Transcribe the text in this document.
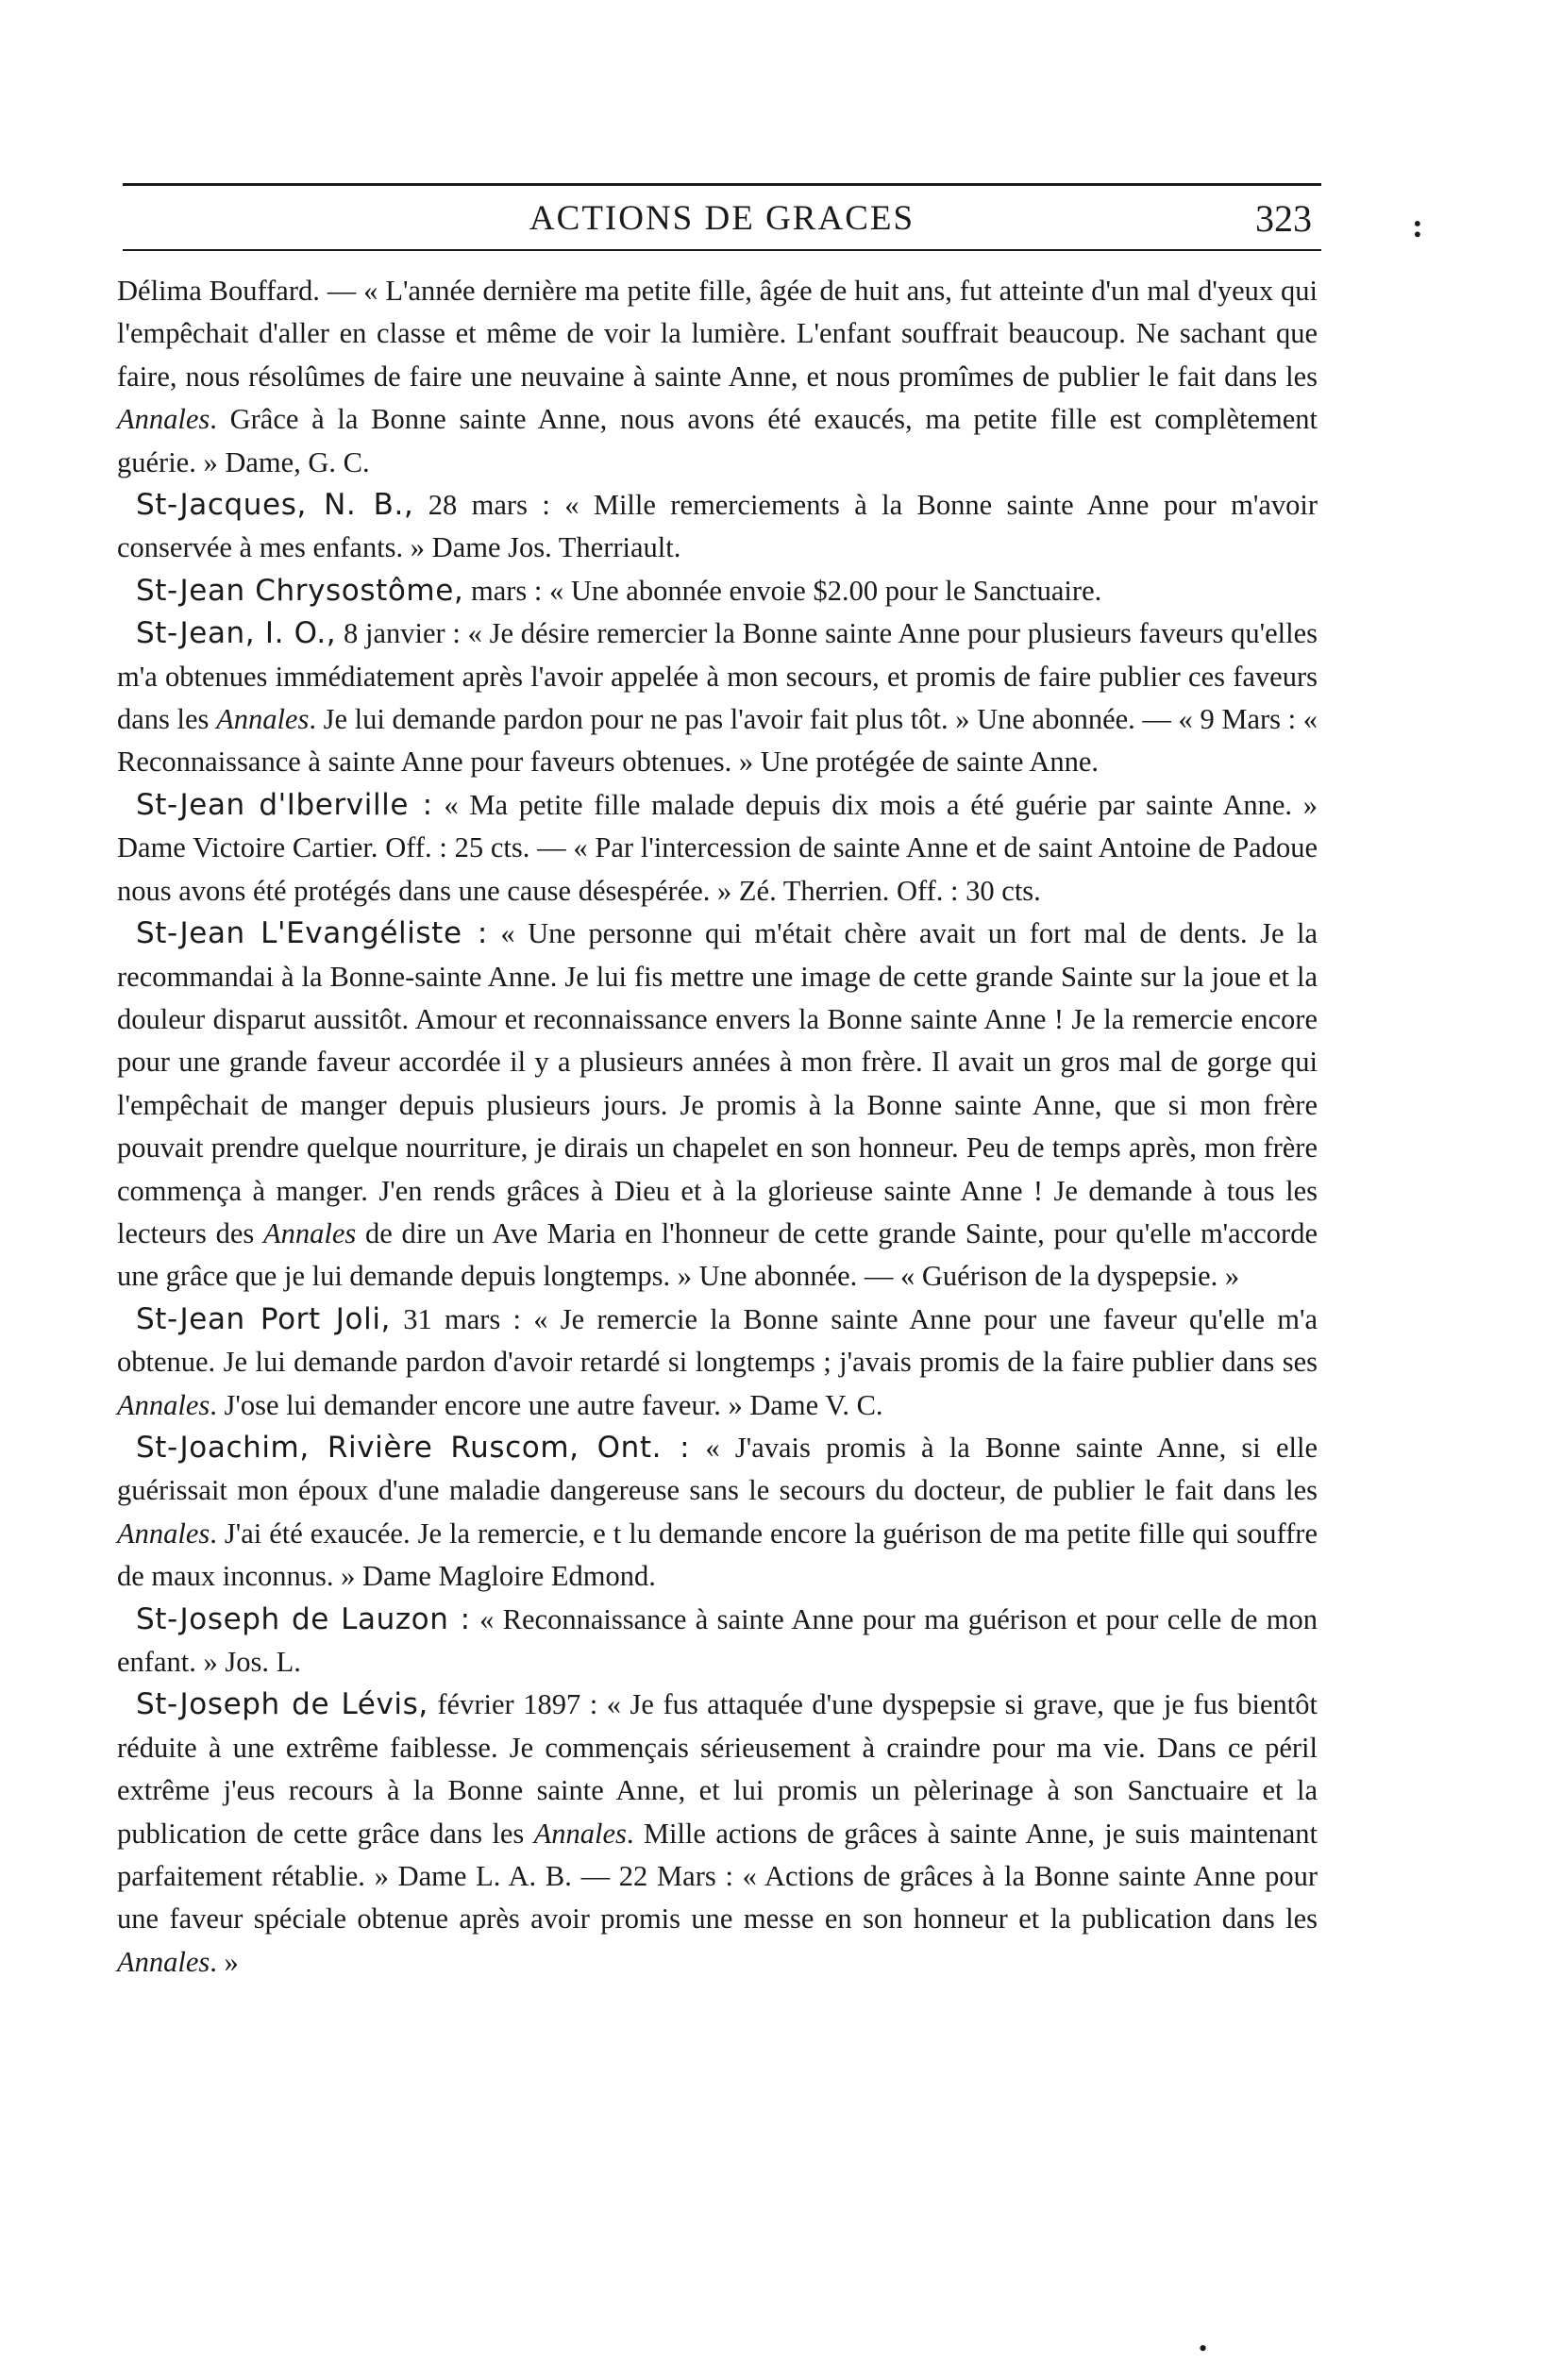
ACTIONS DE GRACES	323	:

Délima Bouffard. — « L'année dernière ma petite fille, âgée de huit ans, fut atteinte d'un mal d'yeux qui l'empêchait d'aller en classe et même de voir la lumière. L'enfant souffrait beaucoup. Ne sachant que faire, nous résolûmes de faire une neuvaine à sainte Anne, et nous promîmes de publier le fait dans les Annales. Grâce à la Bonne sainte Anne, nous avons été exaucés, ma petite fille est complètement guérie. » Dame, G. C.

St-Jacques, N. B., 28 mars : « Mille remerciements à la Bonne sainte Anne pour m'avoir conservée à mes enfants. » Dame Jos. Therriault.

St-Jean Chrysostôme, mars : « Une abonnée envoie $2.00 pour le Sanctuaire.

St-Jean, I. O., 8 janvier : « Je désire remercier la Bonne sainte Anne pour plusieurs faveurs qu'elles m'a obtenues immédiatement après l'avoir appelée à mon secours, et promis de faire publier ces faveurs dans les Annales. Je lui demande pardon pour ne pas l'avoir fait plus tôt. » Une abonnée. — « 9 Mars : « Reconnaissance à sainte Anne pour faveurs obtenues. » Une protégée de sainte Anne.

St-Jean d'Iberville : « Ma petite fille malade depuis dix mois a été guérie par sainte Anne. » Dame Victoire Cartier. Off. : 25 cts. — « Par l'intercession de sainte Anne et de saint Antoine de Padoue nous avons été protégés dans une cause désespérée. » Zé. Therrien. Off. : 30 cts.

St-Jean L'Evangéliste : « Une personne qui m'était chère avait un fort mal de dents. Je la recommandai à la Bonne-sainte Anne. Je lui fis mettre une image de cette grande Sainte sur la joue et la douleur disparut aussitôt. Amour et reconnaissance envers la Bonne sainte Anne ! Je la remercie encore pour une grande faveur accordée il y a plusieurs années à mon frère. Il avait un gros mal de gorge qui l'empêchait de manger depuis plusieurs jours. Je promis à la Bonne sainte Anne, que si mon frère pouvait prendre quelque nourriture, je dirais un chapelet en son honneur. Peu de temps après, mon frère commença à manger. J'en rends grâces à Dieu et à la glorieuse sainte Anne ! Je demande à tous les lecteurs des Annales de dire un Ave Maria en l'honneur de cette grande Sainte, pour qu'elle m'accorde une grâce que je lui demande depuis longtemps. » Une abonnée. — « Guérison de la dyspepsie. »

St-Jean Port Joli, 31 mars : « Je remercie la Bonne sainte Anne pour une faveur qu'elle m'a obtenue. Je lui demande pardon d'avoir retardé si longtemps ; j'avais promis de la faire publier dans ses Annales. J'ose lui demander encore une autre faveur. » Dame V. C.

St-Joachim, Rivière Ruscom, Ont. : « J'avais promis à la Bonne sainte Anne, si elle guérissait mon époux d'une maladie dangereuse sans le secours du docteur, de publier le fait dans les Annales. J'ai été exaucée. Je la remercie, e t lu demande encore la guérison de ma petite fille qui souffre de maux inconnus. » Dame Magloire Edmond.

St-Joseph de Lauzon : « Reconnaissance à sainte Anne pour ma guérison et pour celle de mon enfant. » Jos. L.

St-Joseph de Lévis, février 1897 : « Je fus attaquée d'une dyspepsie si grave, que je fus bientôt réduite à une extrême faiblesse. Je commençais sérieusement à craindre pour ma vie. Dans ce péril extrême j'eus recours à la Bonne sainte Anne, et lui promis un pèlerinage à son Sanctuaire et la publication de cette grâce dans les Annales. Mille actions de grâces à sainte Anne, je suis maintenant parfaitement rétablie. » Dame L. A. B. — 22 Mars : « Actions de grâces à la Bonne sainte Anne pour une faveur spéciale obtenue après avoir promis une messe en son honneur et la publication dans les Annales. »

•
